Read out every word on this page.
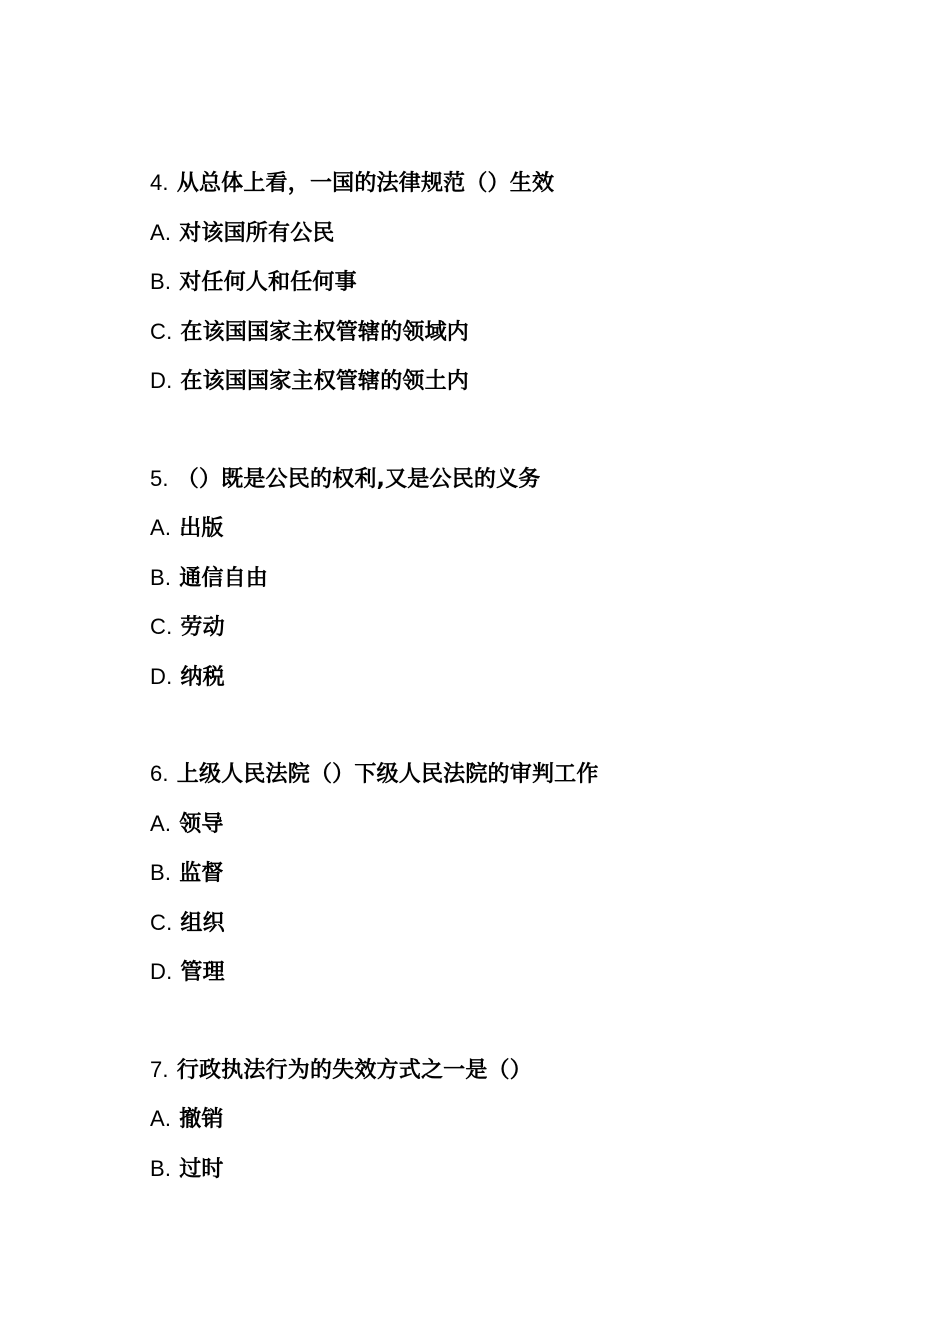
4. 从总体上看，一国的法律规范（）生效
A. 对该国所有公民
B. 对任何人和任何事
C. 在该国国家主权管辖的领域内
D. 在该国国家主权管辖的领土内
5. （）既是公民的权利,又是公民的义务
A. 出版
B. 通信自由
C. 劳动
D. 纳税
6. 上级人民法院（）下级人民法院的审判工作
A. 领导
B. 监督
C. 组织
D. 管理
7. 行政执法行为的失效方式之一是（）
A. 撤销
B. 过时
